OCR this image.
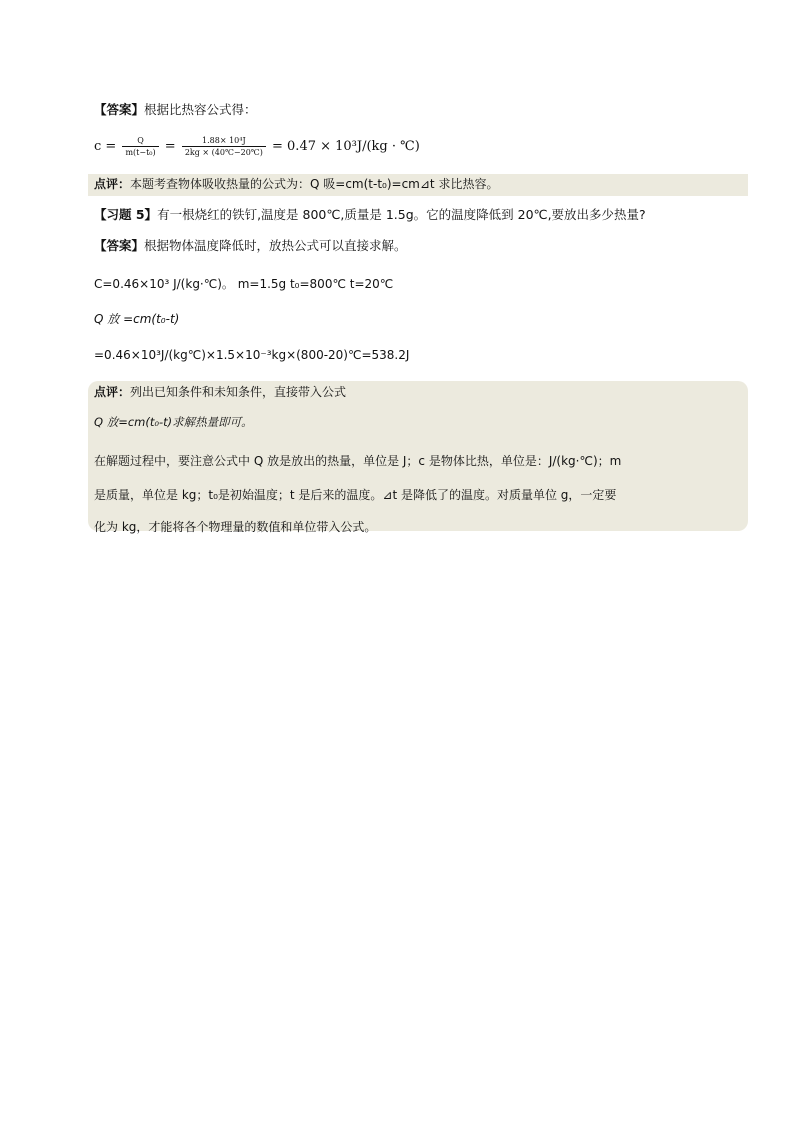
【答案】根据比热容公式得：
$c = \frac{Q}{\text{m(t−t₀)}} = \frac{\text{1.88× 10⁴J}}{2kg \times (40℃-20℃)} = 0.47 \times 10^3J/(kg$ · ℃)
点评：本题考查物体吸收热量的公式为：Q 吸=cm(t-t₀)=cm⊿t 求比热容。
【习题 5】有一根烧红的铁钉,温度是 800℃,质量是 1.5g。它的温度降低到 20℃,要放出多少热量?
【答案】根据物体温度降低时，放热公式可以直接求解。
C=0.46×10³ J/(kg·℃)。 m=1.5g t₀=800℃ t=20℃
Q 放 =cm(t₀-t)
=0.46×10³J/(kg℃)×1.5×10⁻³kg×(800-20)℃=538.2J
点评：列出已知条件和未知条件，直接带入公式
Q 放=cm(t₀-t)求解热量即可。
在解题过程中，要注意公式中 Q 放是放出的热量，单位是 J；c 是物体比热，单位是：J/(kg·℃)；m
是质量，单位是 kg；t₀是初始温度；t 是后来的温度。⊿t 是降低了的温度。对质量单位 g，一定要
化为 kg，才能将各个物理量的数值和单位带入公式。
